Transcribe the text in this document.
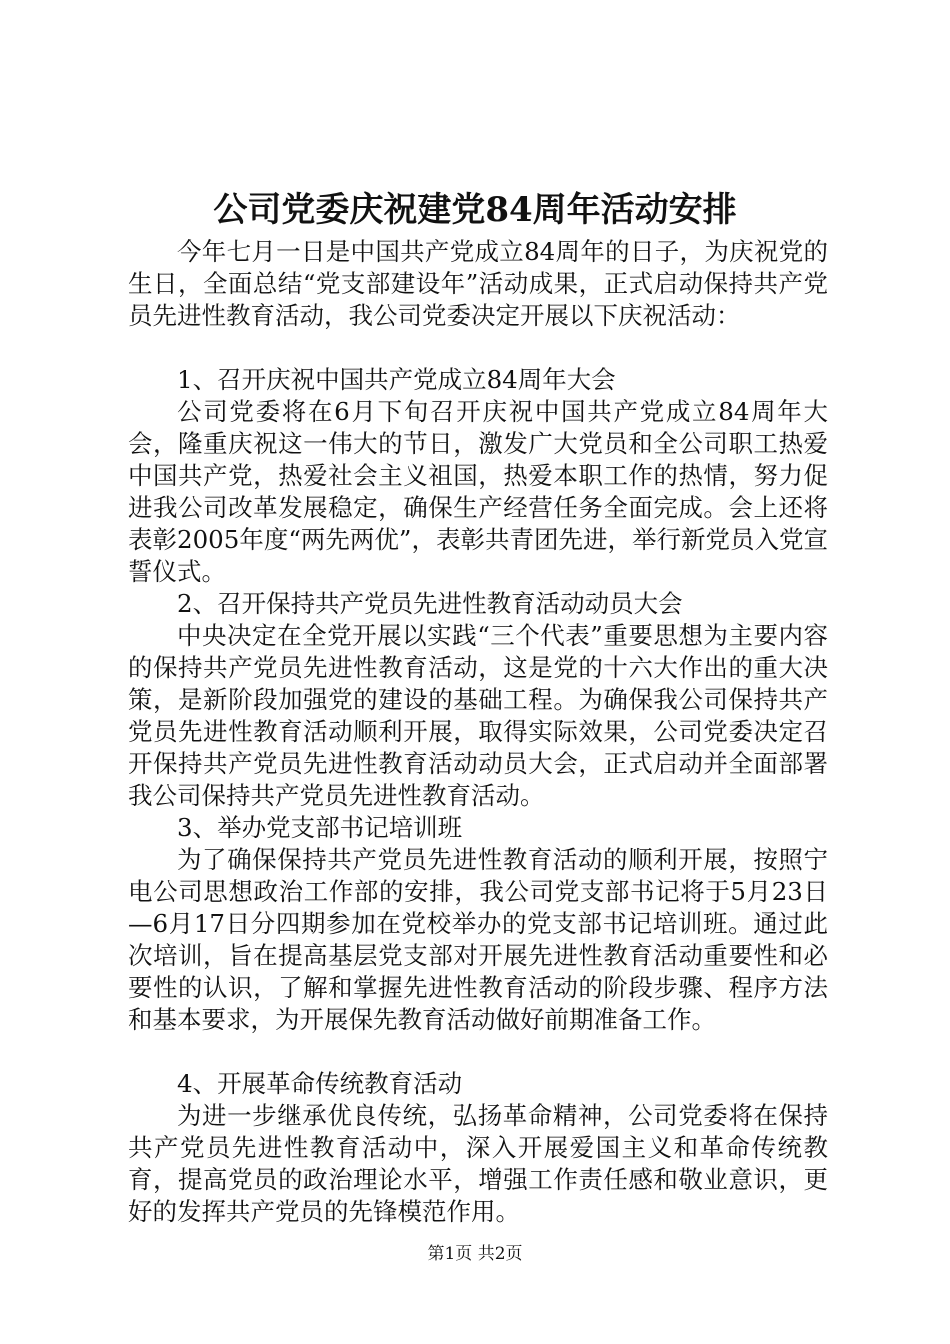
公司党委庆祝建党84周年活动安排

今年七月一日是中国共产党成立84周年的日子，为庆祝党的生日，全面总结“党支部建设年”活动成果，正式启动保持共产党员先进性教育活动，我公司党委决定开展以下庆祝活动：

1、召开庆祝中国共产党成立84周年大会

公司党委将在6月下旬召开庆祝中国共产党成立84周年大会，隆重庆祝这一伟大的节日，激发广大党员和全公司职工热爱中国共产党，热爱社会主义祖国，热爱本职工作的热情，努力促进我公司改革发展稳定，确保生产经营任务全面完成。会上还将表彰2005年度“两先两优”，表彰共青团先进，举行新党员入党宣誓仪式。

2、召开保持共产党员先进性教育活动动员大会

中央决定在全党开展以实践“三个代表”重要思想为主要内容的保持共产党员先进性教育活动，这是党的十六大作出的重大决策，是新阶段加强党的建设的基础工程。为确保我公司保持共产党员先进性教育活动顺利开展，取得实际效果，公司党委决定召开保持共产党员先进性教育活动动员大会，正式启动并全面部署我公司保持共产党员先进性教育活动。

3、举办党支部书记培训班

为了确保保持共产党员先进性教育活动的顺利开展，按照宁电公司思想政治工作部的安排，我公司党支部书记将于5月23日—6月17日分四期参加在党校举办的党支部书记培训班。通过此次培训，旨在提高基层党支部对开展先进性教育活动重要性和必要性的认识，了解和掌握先进性教育活动的阶段步骤、程序方法和基本要求，为开展保先教育活动做好前期准备工作。

4、开展革命传统教育活动

为进一步继承优良传统，弘扬革命精神，公司党委将在保持共产党员先进性教育活动中，深入开展爱国主义和革命传统教育，提高党员的政治理论水平，增强工作责任感和敬业意识，更好的发挥共产党员的先锋模范作用。

第1页 共2页
